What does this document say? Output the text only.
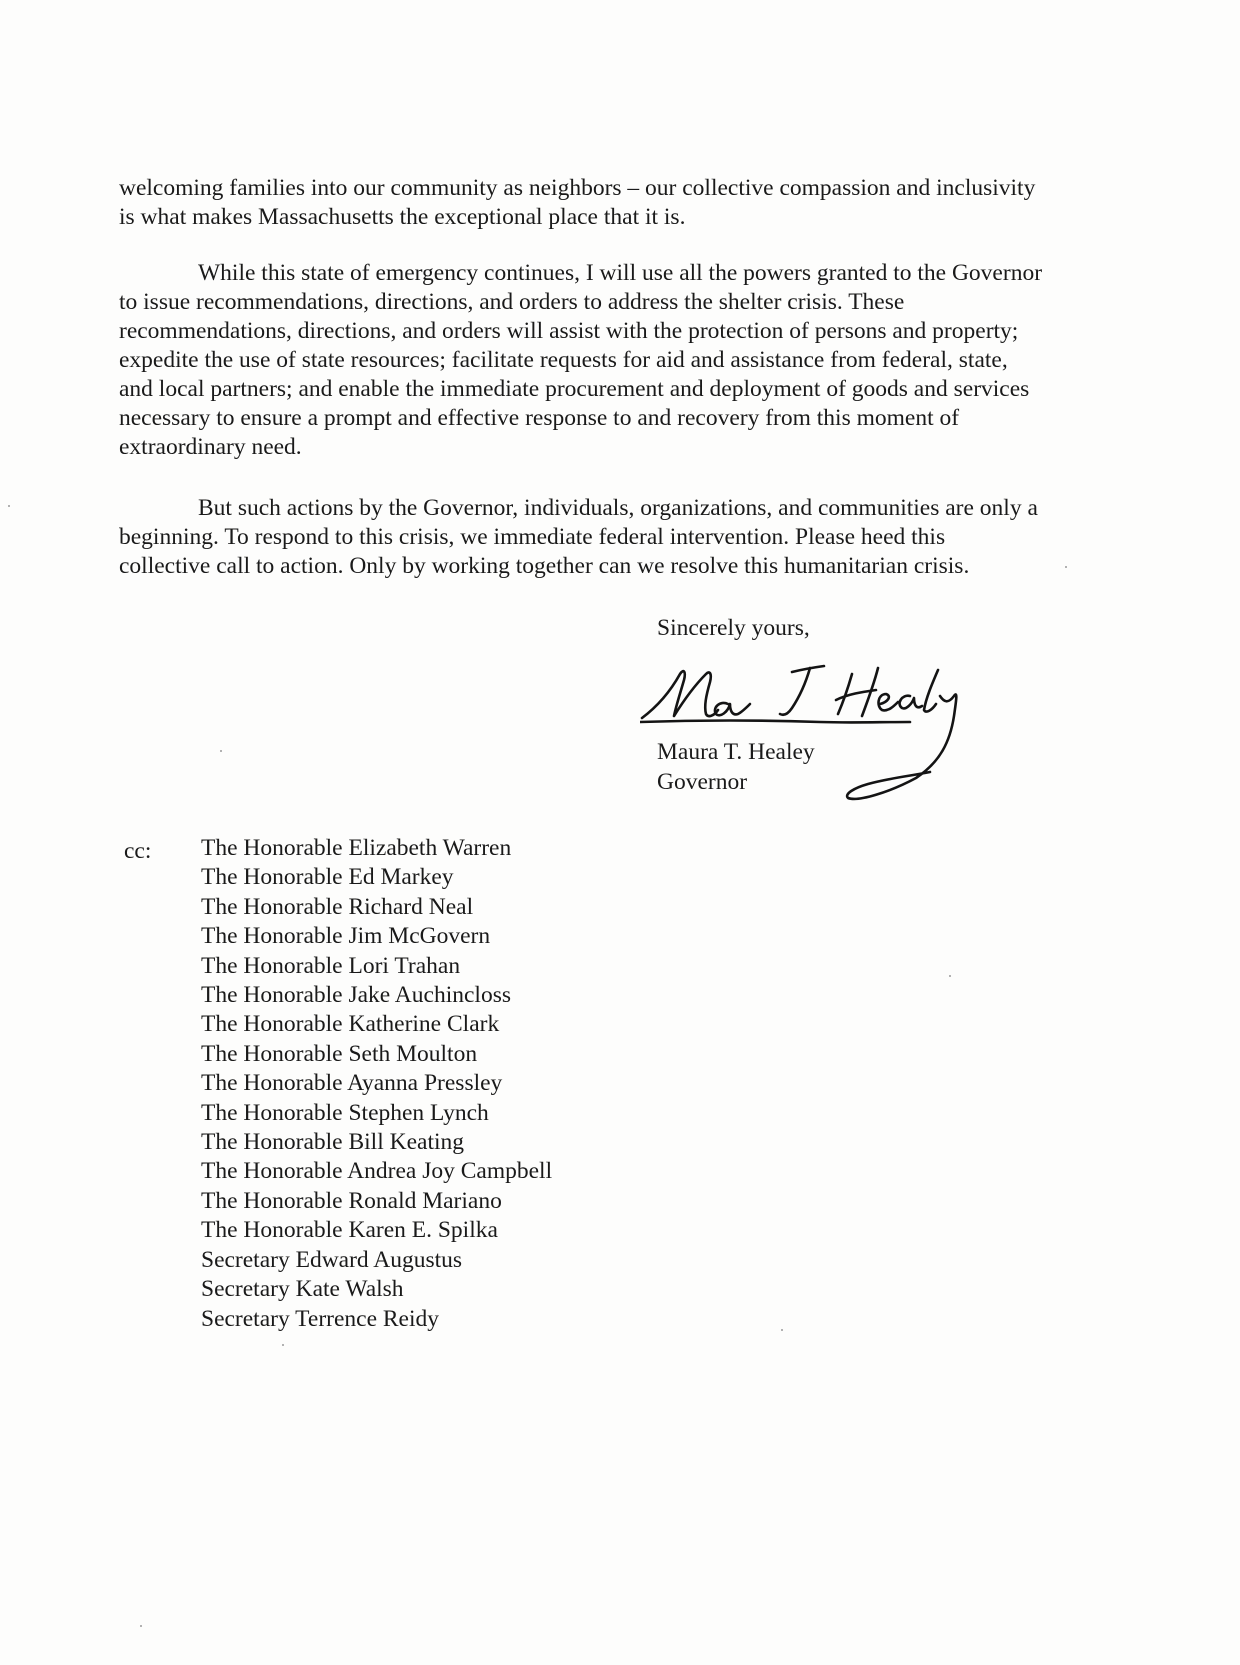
welcoming families into our community as neighbors – our collective compassion and inclusivity
is what makes Massachusetts the exceptional place that it is.

While this state of emergency continues, I will use all the powers granted to the Governor
to issue recommendations, directions, and orders to address the shelter crisis. These
recommendations, directions, and orders will assist with the protection of persons and property;
expedite the use of state resources; facilitate requests for aid and assistance from federal, state,
and local partners; and enable the immediate procurement and deployment of goods and services
necessary to ensure a prompt and effective response to and recovery from this moment of
extraordinary need.

But such actions by the Governor, individuals, organizations, and communities are only a
beginning. To respond to this crisis, we immediate federal intervention. Please heed this
collective call to action. Only by working together can we resolve this humanitarian crisis.

Sincerely yours,
Maura T. Healey
Governor
cc: The Honorable Elizabeth Warren
The Honorable Ed Markey
The Honorable Richard Neal
The Honorable Jim McGovern
The Honorable Lori Trahan
The Honorable Jake Auchincloss
The Honorable Katherine Clark
The Honorable Seth Moulton
The Honorable Ayanna Pressley
The Honorable Stephen Lynch
The Honorable Bill Keating
The Honorable Andrea Joy Campbell
The Honorable Ronald Mariano
The Honorable Karen E. Spilka
Secretary Edward Augustus
Secretary Kate Walsh
Secretary Terrence Reidy
